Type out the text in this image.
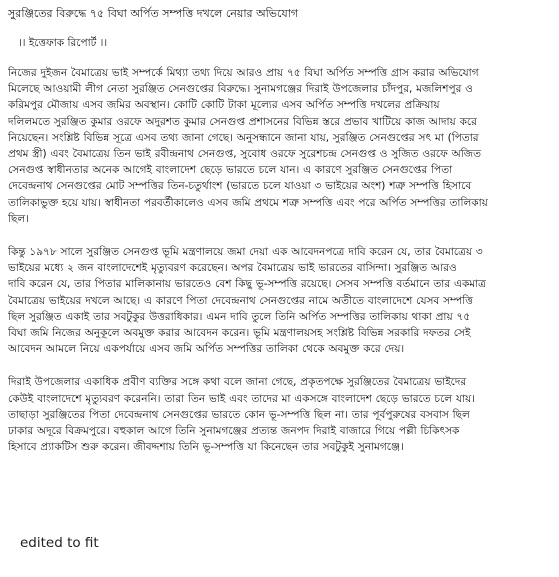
সুরঞ্জিতের বিরুদ্ধে ৭৫ বিঘা অর্পিত সম্পত্তি দখলে নেয়ার অভিযোগ
।। ইত্তেফাক রিপোর্ট ।।
নিজের দুইজন বৈমাত্রেয় ভাই সম্পর্কে মিথ্যা তথ্য দিয়ে আরও প্রায় ৭৫ বিঘা অর্পিত সম্পত্তি গ্রাস করার অভিযোগ
মিলেছে আওয়ামী লীগ নেতা সুরঞ্জিত সেনগুপ্তের বিরুদ্ধে। সুনামগঞ্জের দিরাই উপজেলার চাঁদপুর, মজলিশপুর ও
করিমপুর মৌজায় এসব জমির অবস্থান। কোটি কোটি টাকা মূল্যের এসব অর্পিত সম্পত্তি দখলের প্রক্রিয়ায়
দলিলমতে সুরঞ্জিত কুমার ওরফে অদুরশত কুমার সেনগুপ্ত প্রশাসনের বিভিন্ন স্তরে প্রভাব খাটিয়ে কাজ আদায় করে
নিয়েছেন। সংশ্লিষ্ট বিভিন্ন সূত্রে এসব তথ্য জানা গেছে। অনুসন্ধানে জানা যায়, সুরঞ্জিত সেনগুপ্তের সৎ মা (পিতার
প্রথম স্ত্রী) এবং বৈমাত্রেয় তিন ভাই রবীন্দ্রনাথ সেনগুপ্ত, সুবোধ ওরফে সুরেশচন্দ্র সেনগুপ্ত ও সুজিত ওরফে অজিত
সেনগুপ্ত স্বাধীনতার অনেক আগেই বাংলাদেশ ছেড়ে ভারতে চলে যান। এ কারণে সুরঞ্জিত সেনগুপ্তের পিতা
দেবেন্দ্রনাথ সেনগুপ্তের মোট সম্পত্তির তিন-চতুর্থাংশ (ভারতে চলে যাওয়া ৩ ভাইয়ের অংশ) শত্রু সম্পত্তি হিসাবে
তালিকাভুক্ত হয়ে যায়। স্বাধীনতা পরবর্তীকালেও এসব জমি প্রথমে শত্রু সম্পত্তি এবং পরে অর্পিত সম্পত্তির তালিকায়
ছিল।
কিন্তু ১৯৭৮ সালে সুরঞ্জিত সেনগুপ্ত ভূমি মন্ত্রণালয়ে জমা দেয়া এক আবেদনপত্রে দাবি করেন যে, তার বৈমাত্রেয় ৩
ভাইয়ের মধ্যে ২ জন বাংলাদেশেই মৃত্যুবরণ করেছেন। অপর বৈমাত্রেয় ভাই ভারতের বাসিন্দা। সুরঞ্জিত আরও
দাবি করেন যে, তার পিতার মালিকানায় ভারতেও বেশ কিছু ভূ-সম্পত্তি রয়েছে। সেসব সম্পত্তি বর্তমানে তার একমাত্র
বৈমাত্রেয় ভাইয়ের দখলে আছে। এ কারণে পিতা দেবেন্দ্রনাথ সেনগুপ্তের নামে অতীতে বাংলাদেশে যেসব সম্পত্তি
ছিল সুরঞ্জিত একাই তার সবটুকুর উত্তরাধিকার। এমন দাবি তুলে তিনি অর্পিত সম্পত্তির তালিকায় থাকা প্রায় ৭৫
বিঘা জমি নিজের অনুকূলে অবমুক্ত করার আবেদন করেন। ভূমি মন্ত্রণালয়সহ সংশ্লিষ্ট বিভিন্ন সরকারি দফতর সেই
আবেদন আমলে নিয়ে একপর্যায়ে এসব জমি অর্পিত সম্পত্তির তালিকা থেকে অবমুক্ত করে দেয়।
দিরাই উপজেলার একাধিক প্রবীণ ব্যক্তির সঙ্গে কথা বলে জানা গেছে, প্রকৃতপক্ষে সুরঞ্জিতের বৈমাত্রেয় ভাইদের
কেউই বাংলাদেশে মৃত্যুবরণ করেননি। তারা তিন ভাই এবং তাদের মা একসঙ্গে বাংলাদেশ ছেড়ে ভারতে চলে যায়।
তাছাড়া সুরঞ্জিতের পিতা দেবেন্দ্রনাথ সেনগুপ্তের ভারতে কোন ভূ-সম্পত্তি ছিল না। তার পূর্বপুরুষের বসবাস ছিল
ঢাকার অদূরে বিক্রমপুরে। বহুকাল আগে তিনি সুনামগঞ্জের প্রত্যন্ত জনপদ দিরাই বাজারে গিয়ে পল্লী চিকিৎসক
হিসাবে প্র্যাকটিস শুরু করেন। জীবদ্দশায় তিনি ভূ-সম্পত্তি যা কিনেছেন তার সবটুকুই সুনামগঞ্জে।
edited to fit
